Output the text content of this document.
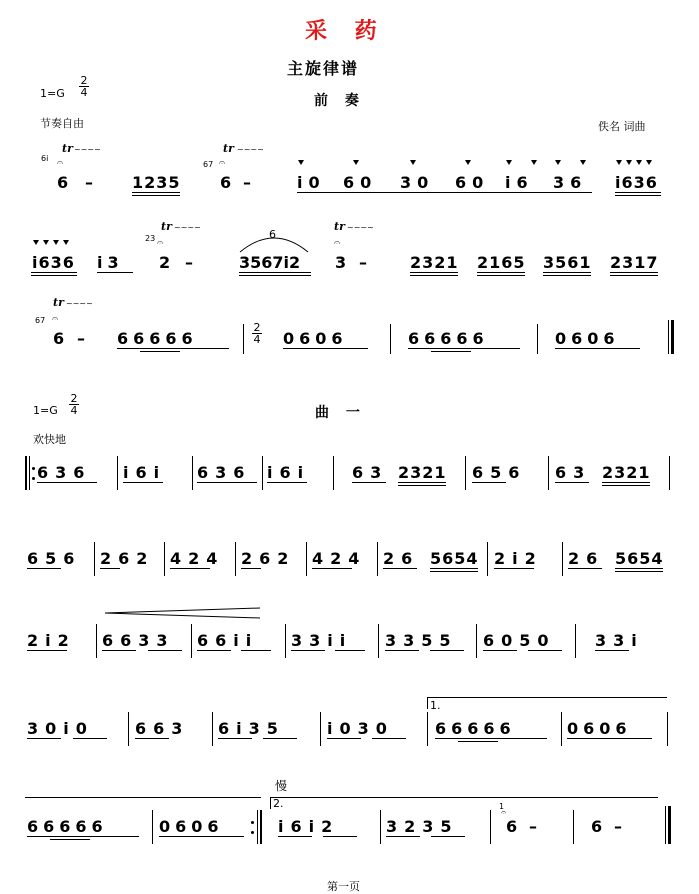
采 药
主旋律谱
前 奏
1=G
2
4
节奏自由	佚名 词曲
6i
tr ~~~~
𝄐
6 – 1235
67
tr ~~~~
𝄐
6 –	i0 60 30 60 i6 36 i636
i636 i3
23
tr ~~~~
𝄐
2 –
6
3567i2
tr ~~~~
𝄐
3 –	2321 2165 3561 2317
67
tr ~~~~
𝄐
6 – 66666
2
4 0606	66666	0606
1=G
2
4	曲 一
欢快地
636 i6i 636 i6i	63 2321 656 63 2321
656 262 424 262 424 26 5654 2i2 26 5654
2i2 6633 66ii 33ii 3355 6050 33i
1.
30i0	663 6i35	i030	66666	0606
慢
2.
66666	0606	i6i2	3235
1
𝄐
6 –	6 –
第一页
